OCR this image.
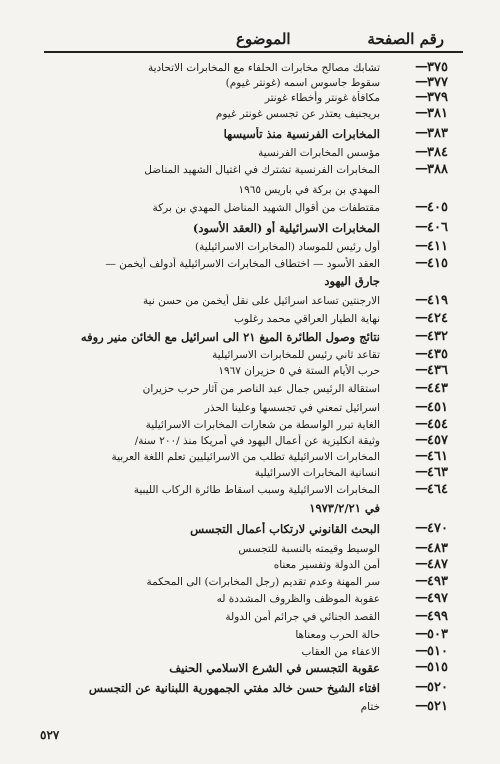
رقم الصفحة
الموضوع
٣٧٥
—
تشابك مصالح مخابرات الحلفاء مع المخابرات الاتحادية
٣٧٧
—
سقوط جاسوس اسمه (غونتر غيوم)
٣٧٩
—
مكافأة غونتر وأخطاء غونتر
٣٨١
—
بريجنيف يعتذر عن تجسس غونتر غيوم
٣٨٣
—
المخابرات الفرنسية منذ تأسيسها
٣٨٤
—
مؤسس المخابرات الفرنسية
٣٨٨
—
المخابرات الفرنسية تشترك في اغتيال الشهيد المناضل
المهدي بن بركة في باريس ١٩٦٥
٤٠٥
—
مقتطفات من أقوال الشهيد المناضل المهدي بن بركة
٤٠٦
—
المخابرات الاسرائيلية أو (العقد الأسود)
٤١١
—
أول رئيس للموساد (المخابرات الاسرائيلية)
٤١٥
—
العقد الأسود — اختطاف المخابرات الاسرائيلية أدولف أيخمن —
جارق اليهود
٤١٩
—
الارجنتين تساعد اسرائيل على نقل أيخمن من حسن نية
٤٢٤
—
نهاية الطيار العراقي محمد رغلوب
٤٣٢
—
نتائج وصول الطائرة الميغ ٢١ الى اسرائيل مع الخائن منير روفه
٤٣٥
—
تقاعد ثاني رئيس للمخابرات الاسرائيلية
٤٣٦
—
حرب الأيام الستة في ٥ حزيران ١٩٦٧
٤٤٣
—
استقالة الرئيس جمال عبد الناصر من آثار حرب حزيران
٤٥١
—
اسرائيل تمعني في تجسسها وعلينا الحذر
٤٥٤
—
الغاية تبرر الواسطة من شعارات المخابرات الاسرائيلية
٤٥٧
—
وثيقة انكليزية عن أعمال اليهود في أمريكا منذ /٢٠٠ سنة/
٤٦١
—
المخابرات الاسرائيلية تطلب من الاسرائيليين تعلم اللغة العربية
٤٦٣
—
انسانية المخابرات الاسرائيلية
٤٦٤
—
المخابرات الاسرائيلية وسبب اسقاط طائرة الركاب الليبية
في ١٩٧٣/٢/٢١
٤٧٠
—
البحث القانوني لارتكاب أعمال التجسس
٤٨٣
—
الوسيط وقيمته بالنسبة للتجسس
٤٨٧
—
أمن الدولة وتفسير معناه
٤٩٣
—
سر المهنة وعدم تقديم (رجل المخابرات) الى المحكمة
٤٩٧
—
عقوبة الموظف والظروف المشددة له
٤٩٩
—
القصد الجنائي في جرائم أمن الدولة
٥٠٣
—
حالة الحرب ومعناها
٥١٠
—
الاعفاء من العقاب
٥١٥
—
عقوبة التجسس في الشرع الاسلامي الحنيف
٥٢٠
—
افتاء الشيخ حسن خالد مفتي الجمهورية اللبنانية عن التجسس
٥٢١
—
ختام
٥٢٧
